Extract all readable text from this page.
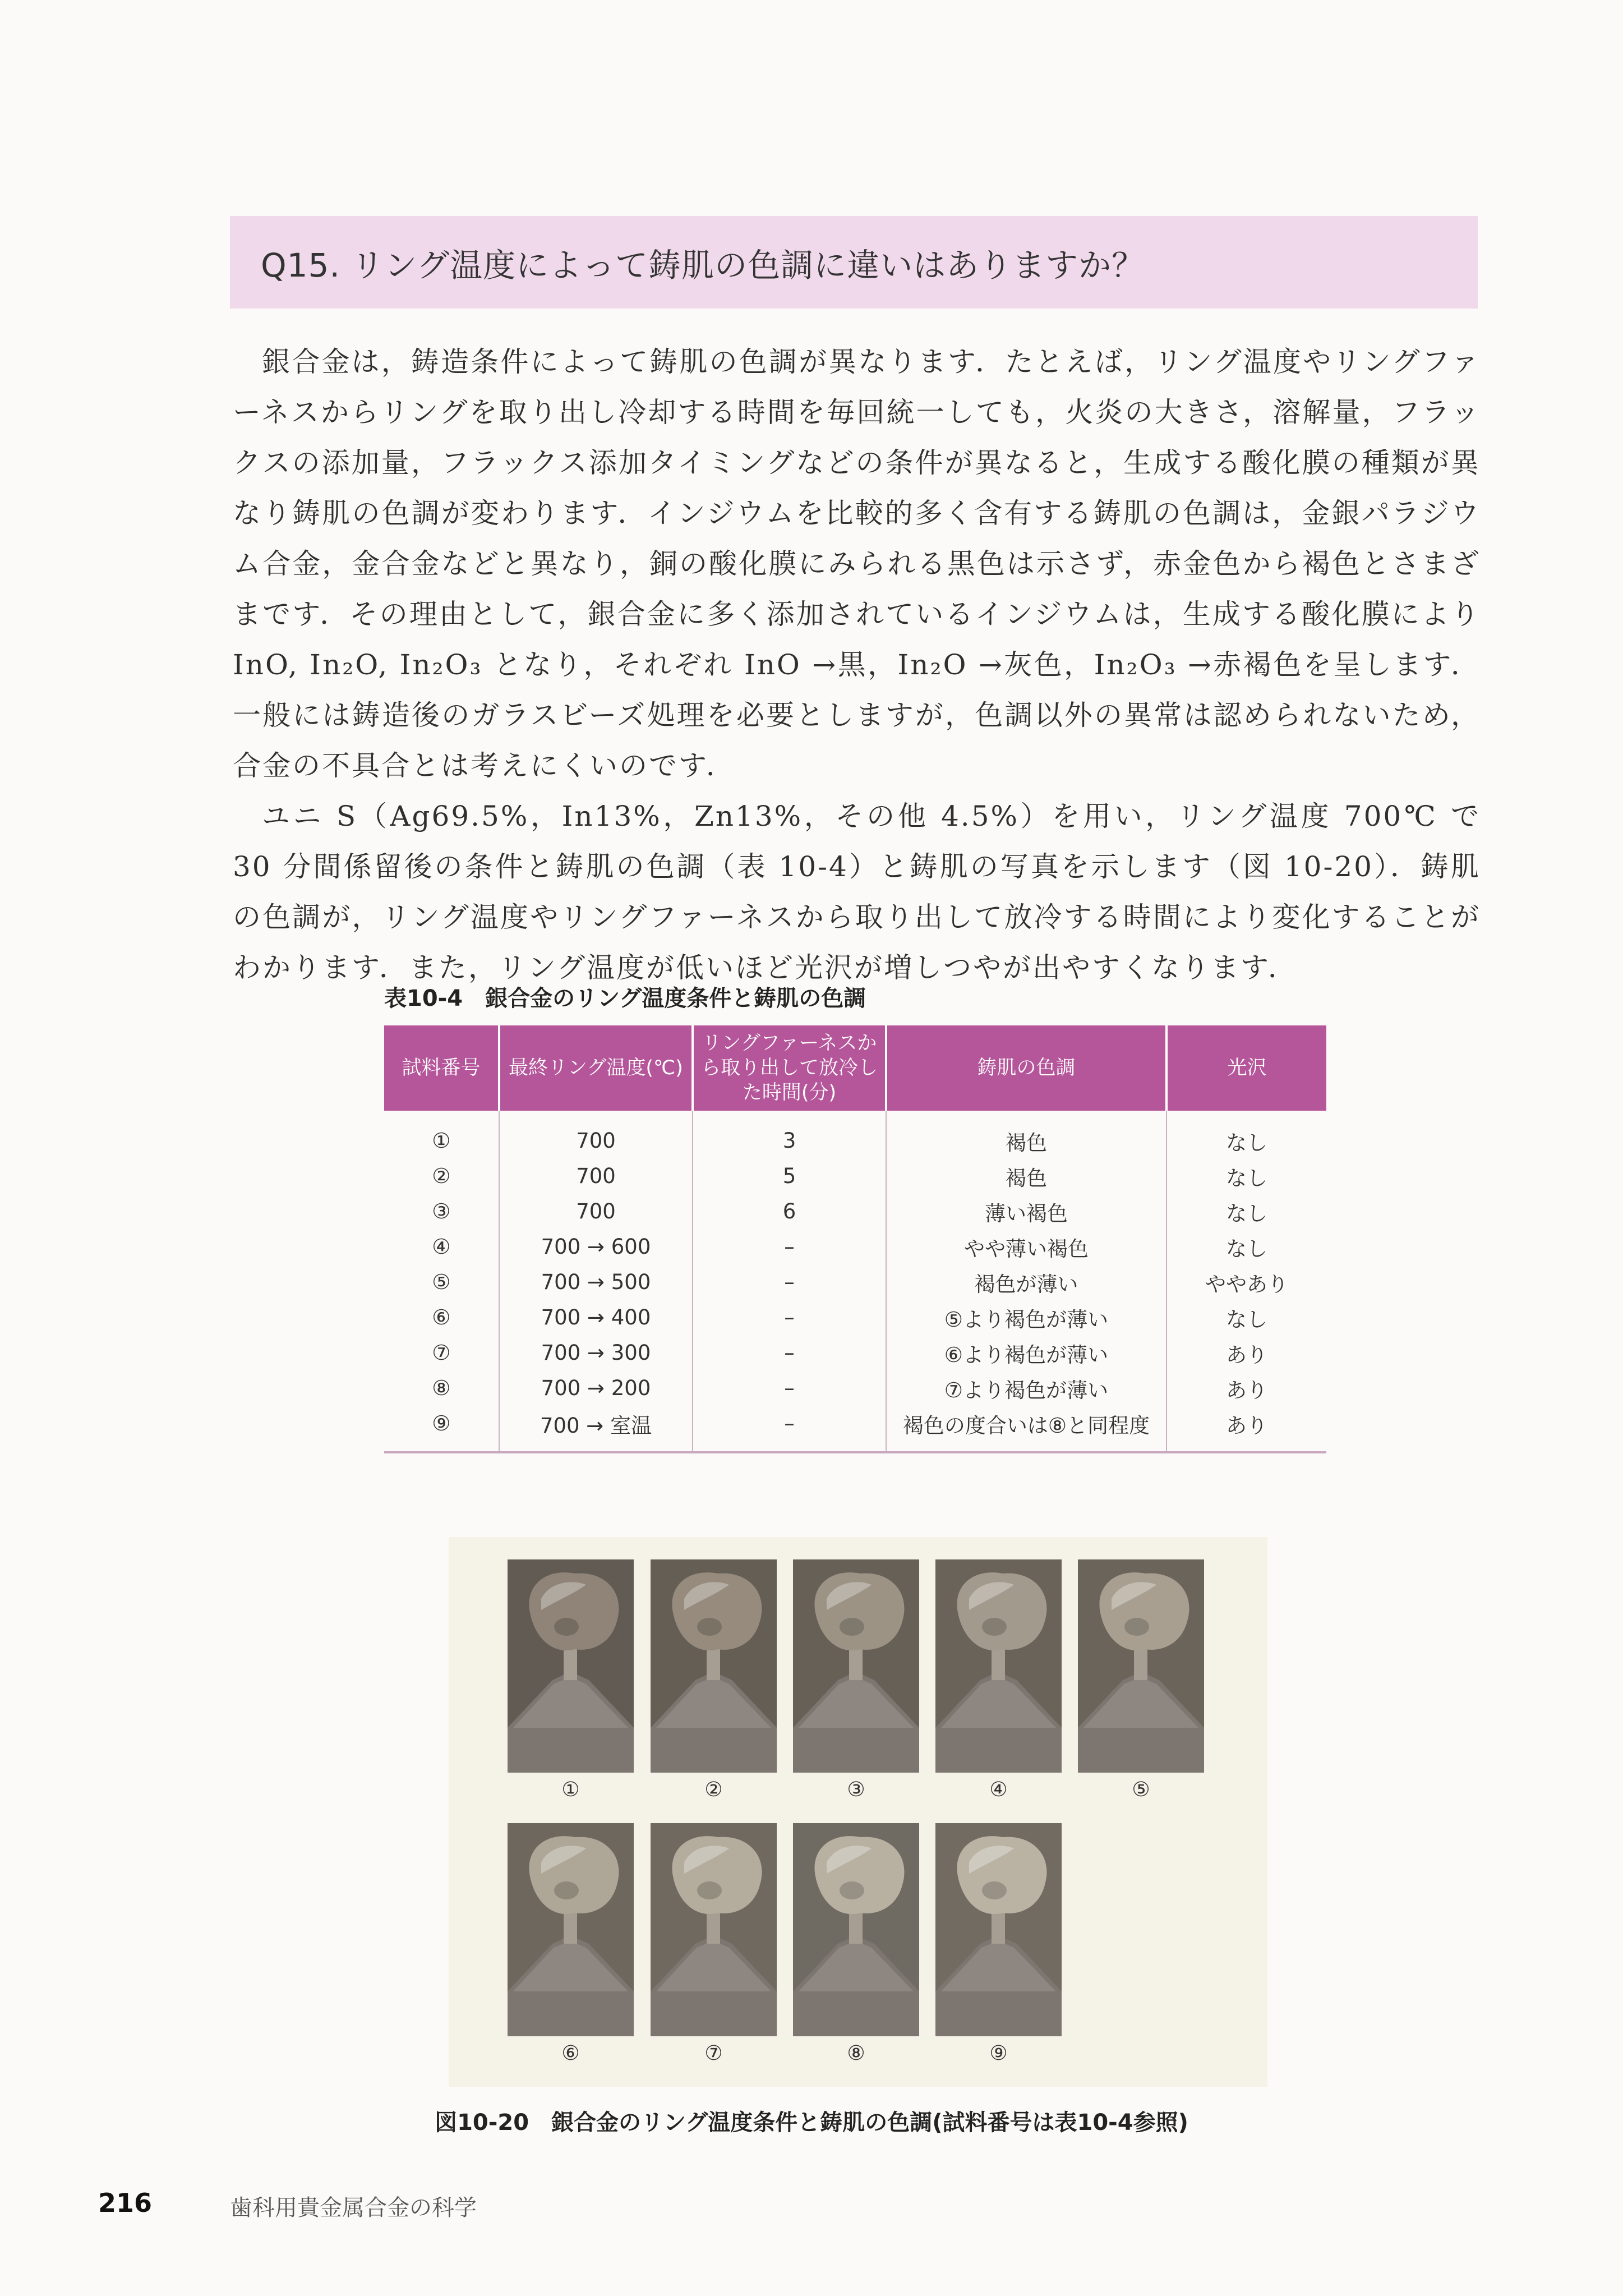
Q15. リング温度によって鋳肌の色調に違いはありますか？

銀合金は，鋳造条件によって鋳肌の色調が異なります．たとえば，リング温度やリングファーネスからリングを取り出し冷却する時間を毎回統一しても，火炎の大きさ，溶解量，フラックスの添加量，フラックス添加タイミングなどの条件が異なると，生成する酸化膜の種類が異なり鋳肌の色調が変わります．インジウムを比較的多く含有する鋳肌の色調は，金銀パラジウム合金，金合金などと異なり，銅の酸化膜にみられる黒色は示さず，赤金色から褐色とさまざまです．その理由として，銀合金に多く添加されているインジウムは，生成する酸化膜により InO, In₂O, In₂O₃ となり，それぞれ InO →黒，In₂O →灰色，In₂O₃ →赤褐色を呈します．一般には鋳造後のガラスビーズ処理を必要としますが，色調以外の異常は認められないため，合金の不具合とは考えにくいのです．

ユニ S（Ag69.5%，In13%，Zn13%，その他 4.5%）を用い，リング温度 700℃ で 30 分間係留後の条件と鋳肌の色調（表 10-4）と鋳肌の写真を示します（図 10-20）．鋳肌の色調が，リング温度やリングファーネスから取り出して放冷する時間により変化することがわかります．また，リング温度が低いほど光沢が増しつやが出やすくなります．

表10-4　銀合金のリング温度条件と鋳肌の色調
試料番号	最終リング温度(℃)	リングファーネスから取り出して放冷した時間(分)	鋳肌の色調	光沢
①	700	3	褐色	なし
②	700	5	褐色	なし
③	700	6	薄い褐色	なし
④	700 → 600	–	やや薄い褐色	なし
⑤	700 → 500	–	褐色が薄い	ややあり
⑥	700 → 400	–	⑤より褐色が薄い	なし
⑦	700 → 300	–	⑥より褐色が薄い	あり
⑧	700 → 200	–	⑦より褐色が薄い	あり
⑨	700 → 室温	–	褐色の度合いは⑧と同程度	あり
①	②	③	④	⑤
⑥	⑦	⑧	⑨
図10-20　銀合金のリング温度条件と鋳肌の色調(試料番号は表10-4参照)
216	歯科用貴金属合金の科学
